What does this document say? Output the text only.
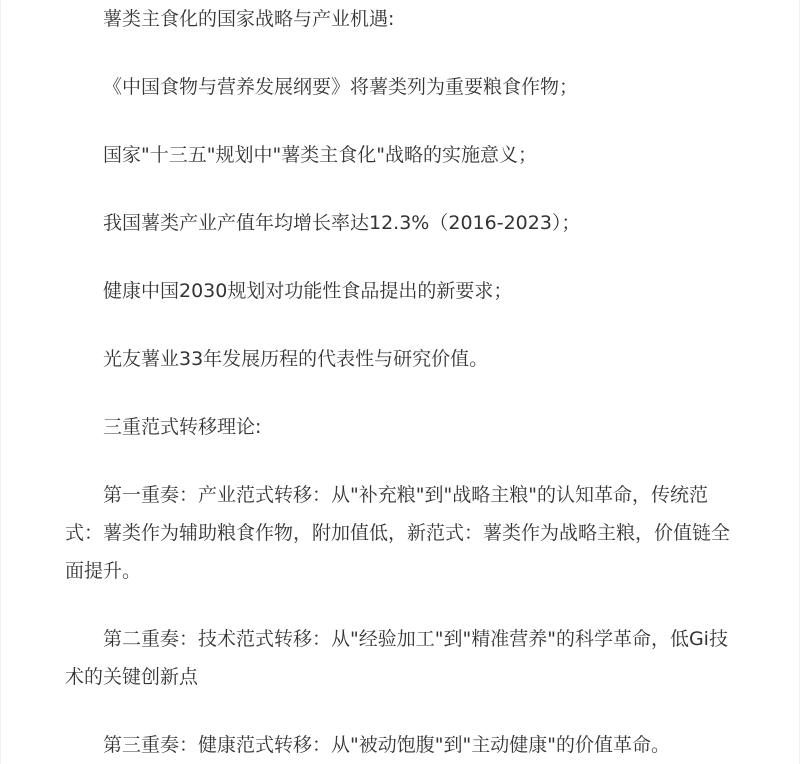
薯类主食化的国家战略与产业机遇:

《中国食物与营养发展纲要》将薯类列为重要粮食作物；

国家"十三五"规划中"薯类主食化"战略的实施意义；

我国薯类产业产值年均增长率达12.3%（2016-2023）；

健康中国2030规划对功能性食品提出的新要求；

光友薯业33年发展历程的代表性与研究价值。

三重范式转移理论:

第一重奏：产业范式转移：从"补充粮"到"战略主粮"的认知革命，传统范式：薯类作为辅助粮食作物，附加值低，新范式：薯类作为战略主粮，价值链全面提升。

第二重奏：技术范式转移：从"经验加工"到"精准营养"的科学革命，低Gi技术的关键创新点

第三重奏：健康范式转移：从"被动饱腹"到"主动健康"的价值革命。
